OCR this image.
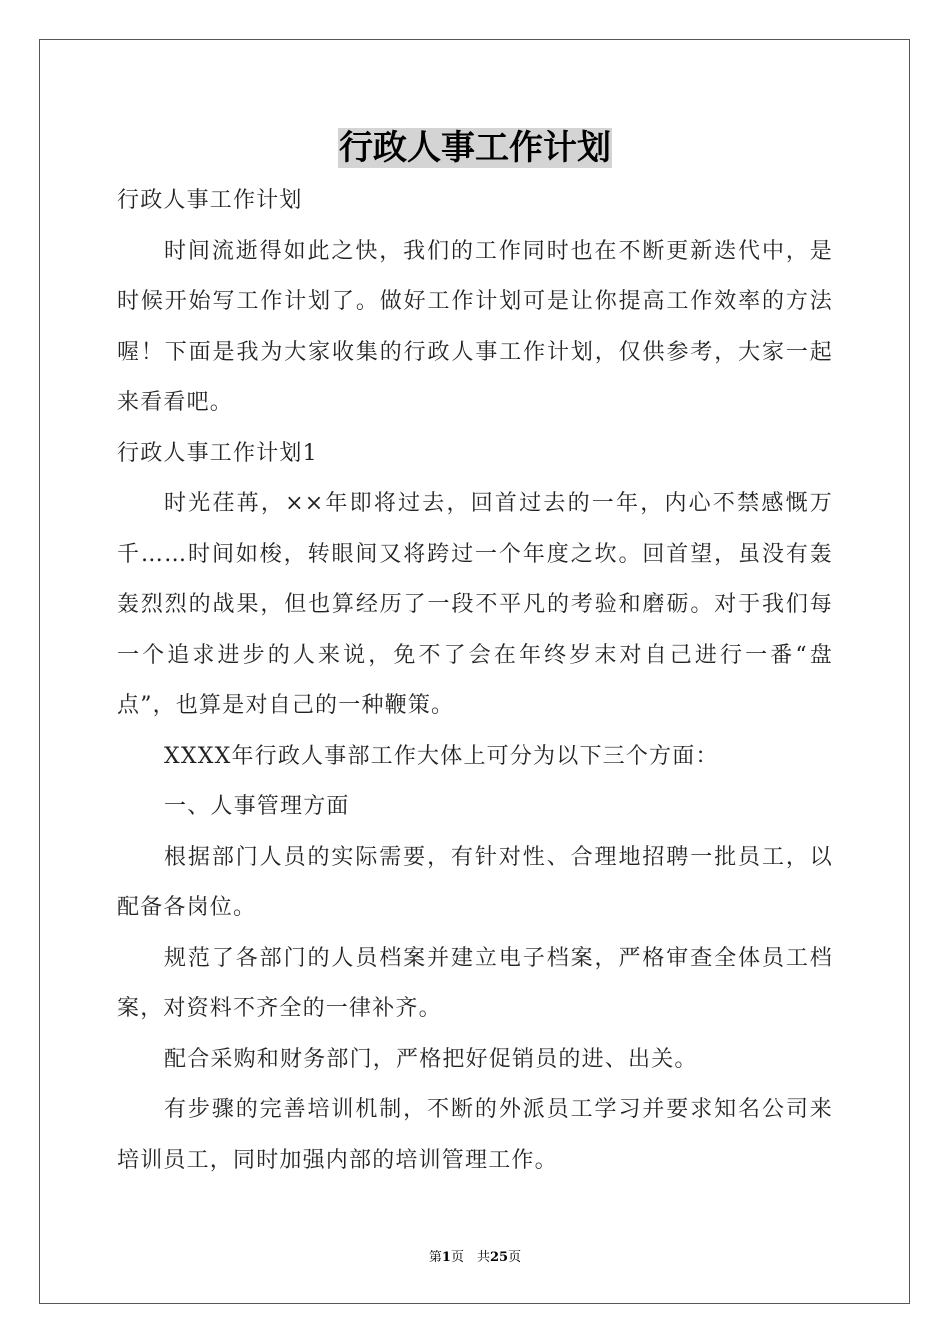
行政人事工作计划

行政人事工作计划

时间流逝得如此之快，我们的工作同时也在不断更新迭代中，是时候开始写工作计划了。做好工作计划可是让你提高工作效率的方法喔！下面是我为大家收集的行政人事工作计划，仅供参考，大家一起来看看吧。

行政人事工作计划1

时光荏苒，××年即将过去，回首过去的一年，内心不禁感慨万千……时间如梭，转眼间又将跨过一个年度之坎。回首望，虽没有轰轰烈烈的战果，但也算经历了一段不平凡的考验和磨砺。对于我们每一个追求进步的人来说，免不了会在年终岁末对自己进行一番“盘点”，也算是对自己的一种鞭策。

XXXX年行政人事部工作大体上可分为以下三个方面：

一、人事管理方面

根据部门人员的实际需要，有针对性、合理地招聘一批员工，以配备各岗位。

规范了各部门的人员档案并建立电子档案，严格审查全体员工档案，对资料不齐全的一律补齐。

配合采购和财务部门，严格把好促销员的进、出关。

有步骤的完善培训机制，不断的外派员工学习并要求知名公司来培训员工，同时加强内部的培训管理工作。

第1页　共25页
